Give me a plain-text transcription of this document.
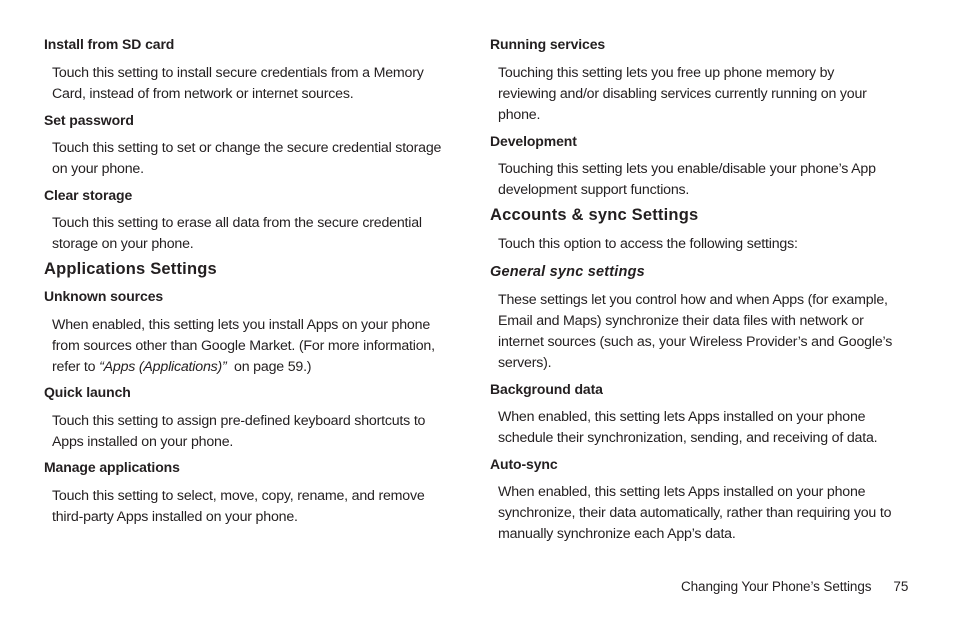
Install from SD card

Touch this setting to install secure credentials from a Memory
Card, instead of from network or internet sources.

Set password

Touch this setting to set or change the secure credential storage
on your phone.

Clear storage

Touch this setting to erase all data from the secure credential
storage on your phone.

Applications Settings
Unknown sources

When enabled, this setting lets you install Apps on your phone
from sources other than Google Market. (For more information,
refer to “Apps (Applications)”  on page 59.)

Quick launch

Touch this setting to assign pre-defined keyboard shortcuts to
Apps installed on your phone.

Manage applications

Touch this setting to select, move, copy, rename, and remove
third-party Apps installed on your phone.

Running services

Touching this setting lets you free up phone memory by
reviewing and/or disabling services currently running on your
phone.

Development

Touching this setting lets you enable/disable your phone’s App
development support functions.

Accounts & sync Settings

Touch this option to access the following settings:

General sync settings

These settings let you control how and when Apps (for example,
Email and Maps) synchronize their data files with network or
internet sources (such as, your Wireless Provider’s and Google’s
servers).

Background data

When enabled, this setting lets Apps installed on your phone
schedule their synchronization, sending, and receiving of data.

Auto-sync

When enabled, this setting lets Apps installed on your phone
synchronize, their data automatically, rather than requiring you to
manually synchronize each App’s data.

Changing Your Phone’s Settings 75
